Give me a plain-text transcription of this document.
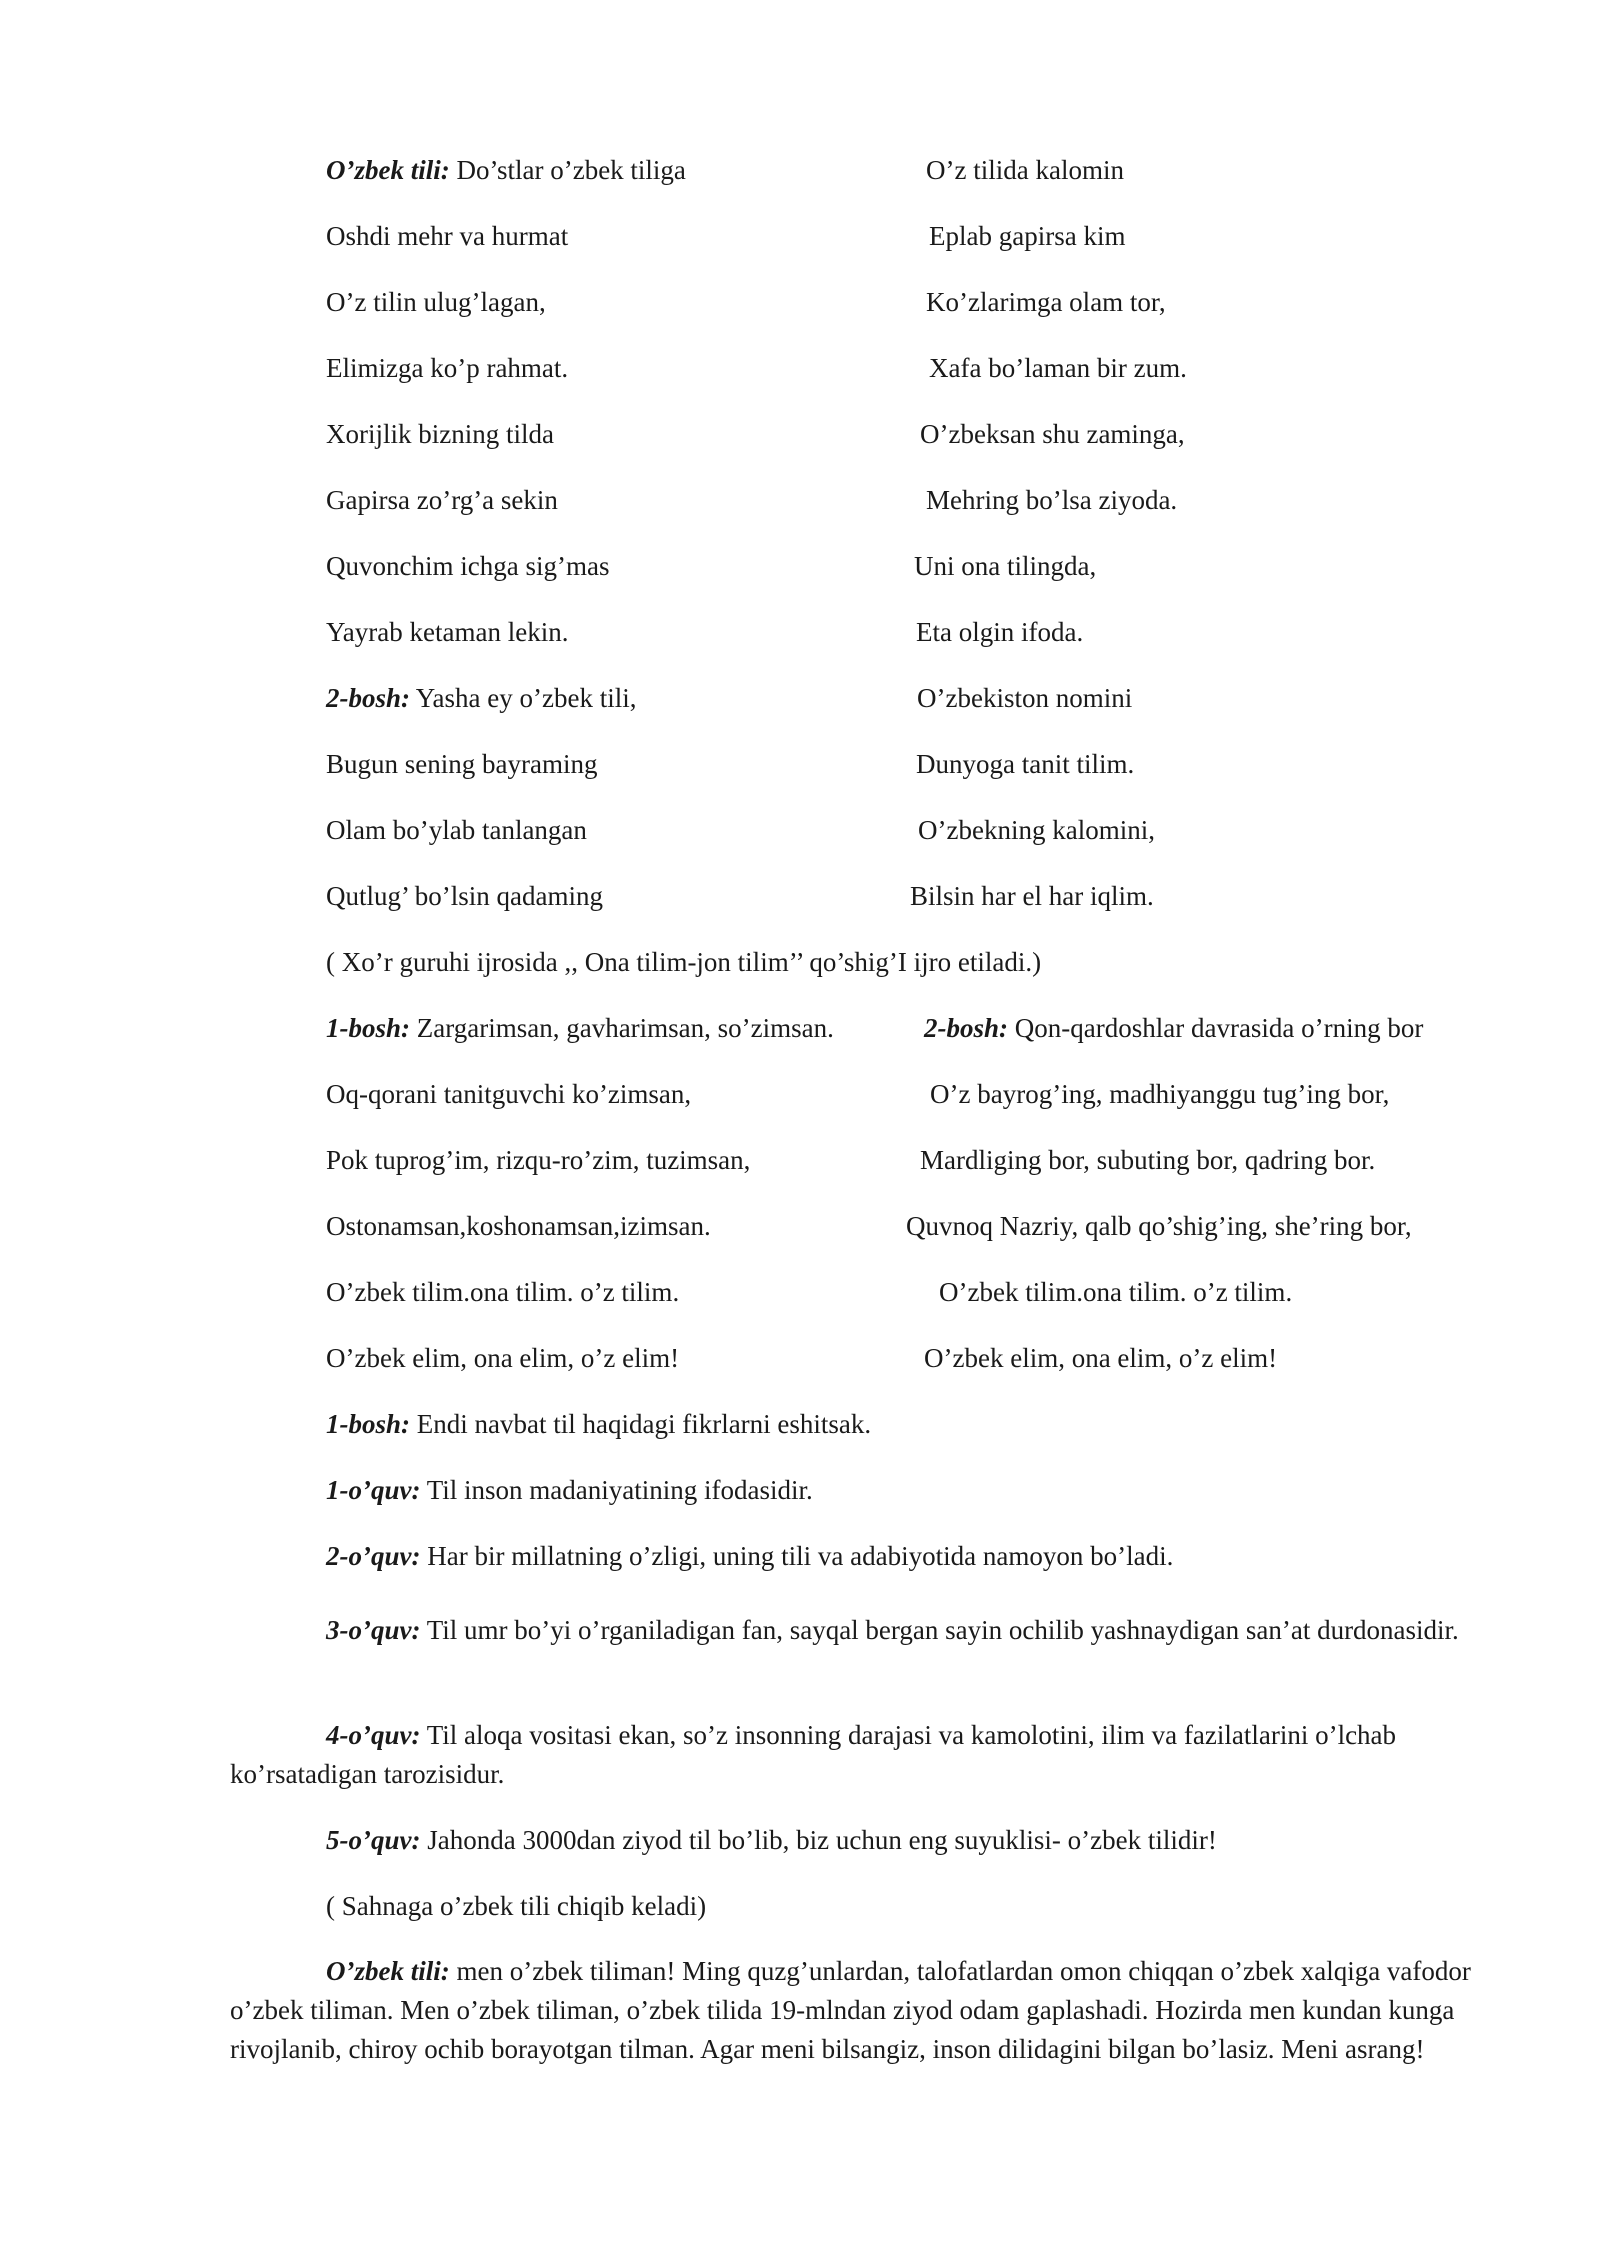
O’zbek tili: Do’stlar o’zbek tiliga	O’z tilida kalomin
Oshdi mehr va hurmat	Eplab gapirsa kim
O’z tilin ulug’lagan,	Ko’zlarimga olam tor,
Elimizga ko’p rahmat.	Xafa bo’laman bir zum.
Xorijlik bizning tilda	O’zbeksan shu zaminga,
Gapirsa zo’rg’a sekin	Mehring bo’lsa ziyoda.
Quvonchim ichga sig’mas	Uni ona tilingda,
Yayrab ketaman lekin.	Eta olgin ifoda.
2-bosh: Yasha ey o’zbek tili,	O’zbekiston nomini
Bugun sening bayraming	Dunyoga tanit tilim.
Olam bo’ylab tanlangan	O’zbekning kalomini,
Qutlug’ bo’lsin qadaming	Bilsin har el har iqlim.
( Xo’r guruhi ijrosida ,, Ona tilim-jon tilim’’ qo’shig’I ijro etiladi.)
1-bosh: Zargarimsan, gavharimsan, so’zimsan.	2-bosh: Qon-qardoshlar davrasida o’rning bor
Oq-qorani tanitguvchi ko’zimsan,	O’z bayrog’ing, madhiyanggu tug’ing bor,
Pok tuprog’im, rizqu-ro’zim, tuzimsan,	Mardliging bor, subuting bor, qadring bor.
Ostonamsan,koshonamsan,izimsan.	Quvnoq Nazriy, qalb qo’shig’ing, she’ring bor,
O’zbek tilim.ona tilim. o’z tilim.	O’zbek tilim.ona tilim. o’z tilim.
O’zbek elim, ona elim, o’z elim!	O’zbek elim, ona elim, o’z elim!
1-bosh: Endi navbat til haqidagi fikrlarni eshitsak.
1-o’quv: Til inson madaniyatining ifodasidir.
2-o’quv: Har bir millatning o’zligi, uning tili va adabiyotida namoyon bo’ladi.
3-o’quv: Til umr bo’yi o’rganiladigan fan, sayqal bergan sayin ochilib yashnaydigan san’at durdonasidir.
4-o’quv: Til aloqa vositasi ekan, so’z insonning darajasi va kamolotini, ilim va fazilatlarini o’lchab ko’rsatadigan tarozisidur.
5-o’quv: Jahonda 3000dan ziyod til bo’lib, biz uchun eng suyuklisi- o’zbek tilidir!
( Sahnaga o’zbek tili chiqib keladi)
O’zbek tili: men o’zbek tiliman! Ming quzg’unlardan, talofatlardan omon chiqqan o’zbek xalqiga vafodor o’zbek tiliman. Men o’zbek tiliman, o’zbek tilida 19-mlndan ziyod odam gaplashadi. Hozirda men kundan kunga rivojlanib, chiroy ochib borayotgan tilman. Agar meni bilsangiz, inson dilidagini bilgan bo’lasiz. Meni asrang!
